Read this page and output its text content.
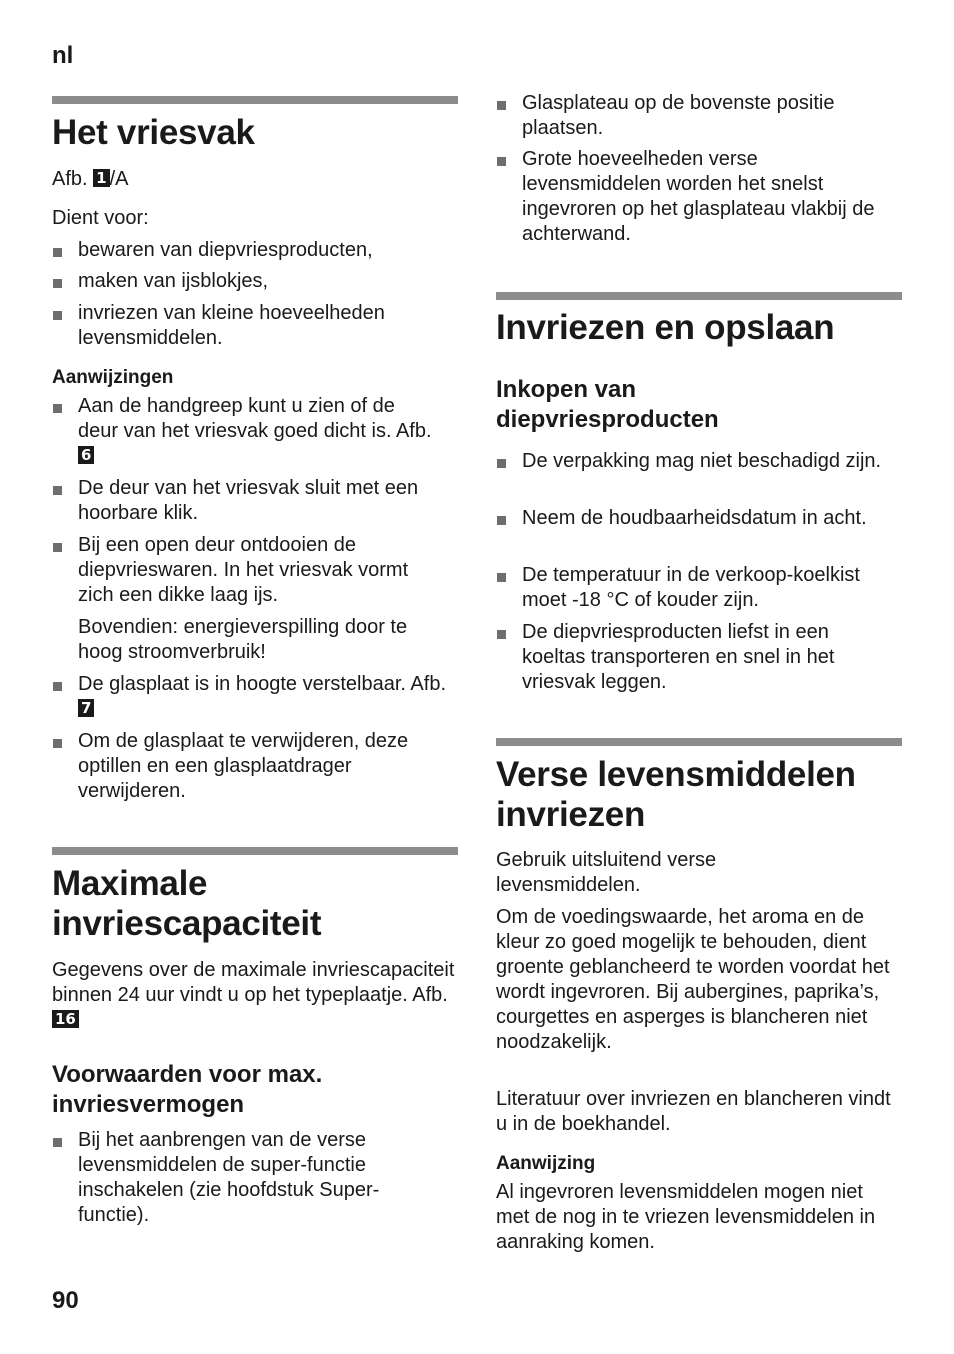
nl
90
Het vriesvak
Afb. 1 /A
Dient voor:
bewaren van diepvriesproducten,
maken van ijsblokjes,
invriezen van kleine hoeveelheden levensmiddelen.
Aanwijzingen
Aan de handgreep kunt u zien of de deur van het vriesvak goed dicht is. Afb. 6
De deur van het vriesvak sluit met een hoorbare klik.
Bij een open deur ontdooien de diepvrieswaren. In het vriesvak vormt zich een dikke laag ijs.
Bovendien: energieverspilling door te hoog stroomverbruik!
De glasplaat is in hoogte verstelbaar. Afb. 7
Om de glasplaat te verwijderen, deze optillen en een glasplaatdrager verwijderen.
Maximale invriescapaciteit
Gegevens over de maximale invriescapaciteit binnen 24 uur vindt u op het typeplaatje. Afb. 16
Voorwaarden voor max. invriesvermogen
Bij het aanbrengen van de verse levensmiddelen de super-functie inschakelen (zie hoofdstuk Super-functie).
Glasplateau op de bovenste positie plaatsen.
Grote hoeveelheden verse levensmiddelen worden het snelst ingevroren op het glasplateau vlakbij de achterwand.
Invriezen en opslaan
Inkopen van diepvriesproducten
De verpakking mag niet beschadigd zijn.
Neem de houdbaarheidsdatum in acht.
De temperatuur in de verkoop-koelkist moet -18 °C of kouder zijn.
De diepvriesproducten liefst in een koeltas transporteren en snel in het vriesvak leggen.
Verse levensmiddelen invriezen
Gebruik uitsluitend verse levensmiddelen.
Om de voedingswaarde, het aroma en de kleur zo goed mogelijk te behouden, dient groente geblancheerd te worden voordat het wordt ingevroren. Bij aubergines, paprika’s, courgettes en asperges is blancheren niet noodzakelijk.
Literatuur over invriezen en blancheren vindt u in de boekhandel.
Aanwijzing
Al ingevroren levensmiddelen mogen niet met de nog in te vriezen levensmiddelen in aanraking komen.
